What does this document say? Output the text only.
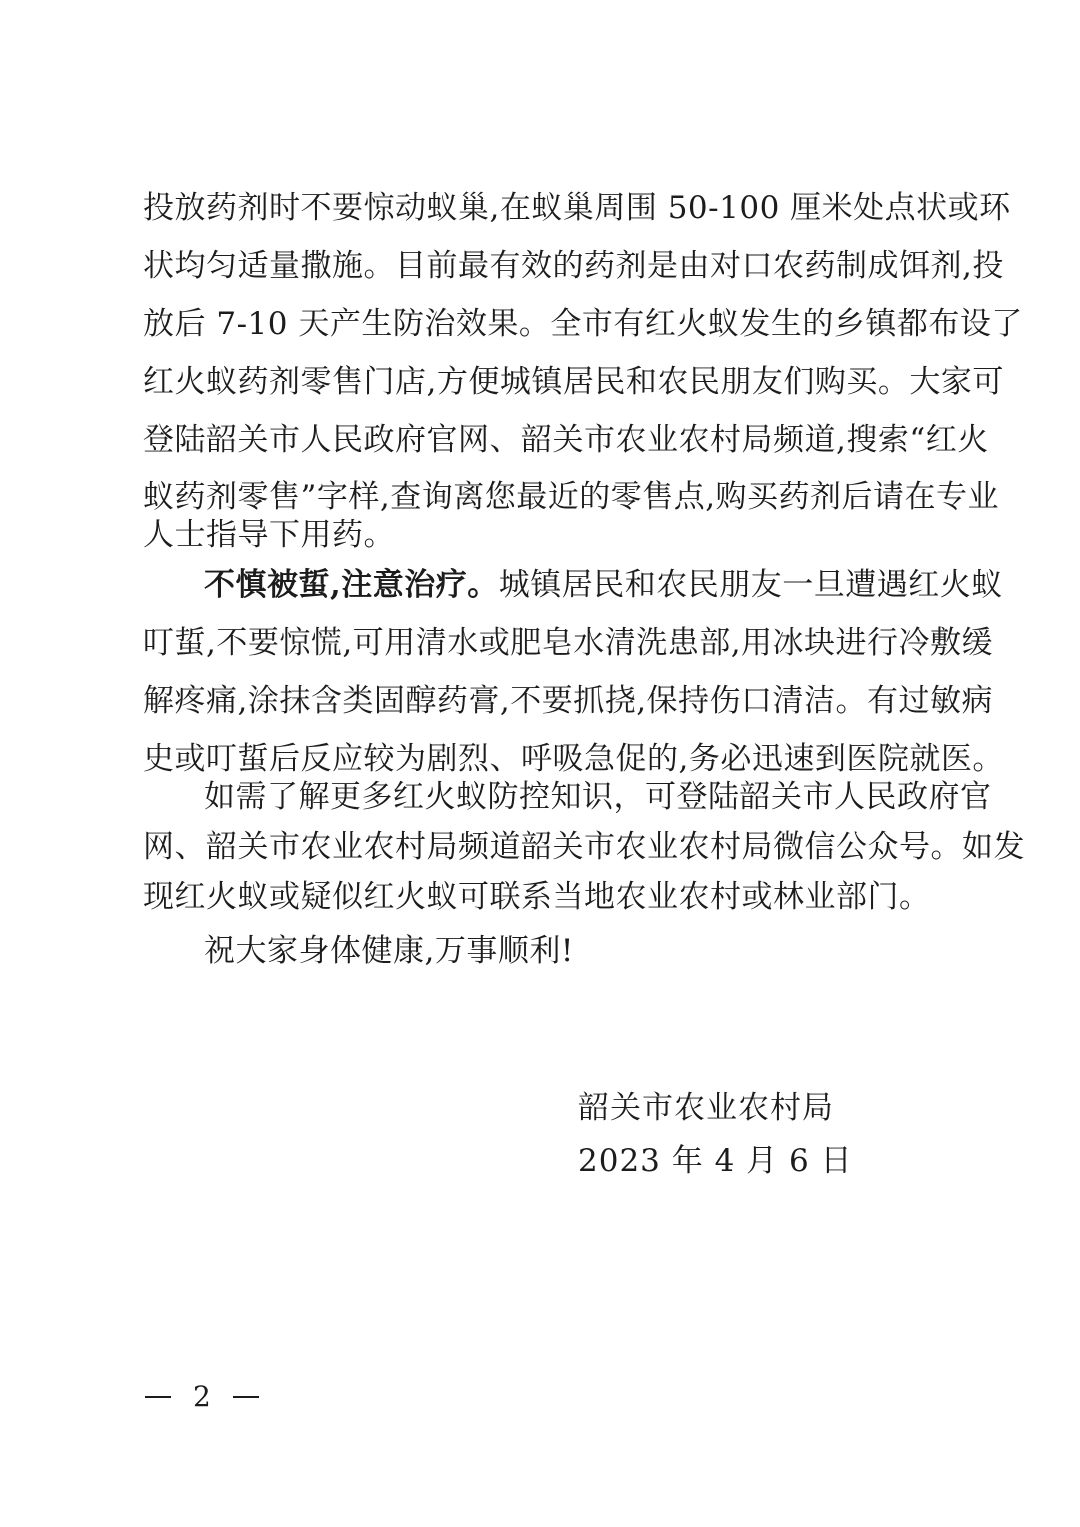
投放药剂时不要惊动蚁巢,在蚁巢周围 50-100 厘米处点状或环
状均匀适量撒施。目前最有效的药剂是由对口农药制成饵剂,投
放后 7-10 天产生防治效果。全市有红火蚁发生的乡镇都布设了
红火蚁药剂零售门店,方便城镇居民和农民朋友们购买。大家可
登陆韶关市人民政府官网、韶关市农业农村局频道,搜索“红火
蚁药剂零售”字样,查询离您最近的零售点,购买药剂后请在专业
人士指导下用药。
不慎被蜇,注意治疗。城镇居民和农民朋友一旦遭遇红火蚁
叮蜇,不要惊慌,可用清水或肥皂水清洗患部,用冰块进行冷敷缓
解疼痛,涂抹含类固醇药膏,不要抓挠,保持伤口清洁。有过敏病
史或叮蜇后反应较为剧烈、呼吸急促的,务必迅速到医院就医。
如需了解更多红火蚁防控知识，可登陆韶关市人民政府官
网、韶关市农业农村局频道韶关市农业农村局微信公众号。如发
现红火蚁或疑似红火蚁可联系当地农业农村或林业部门。
祝大家身体健康,万事顺利!
韶关市农业农村局
2023 年 4 月 6 日
2
